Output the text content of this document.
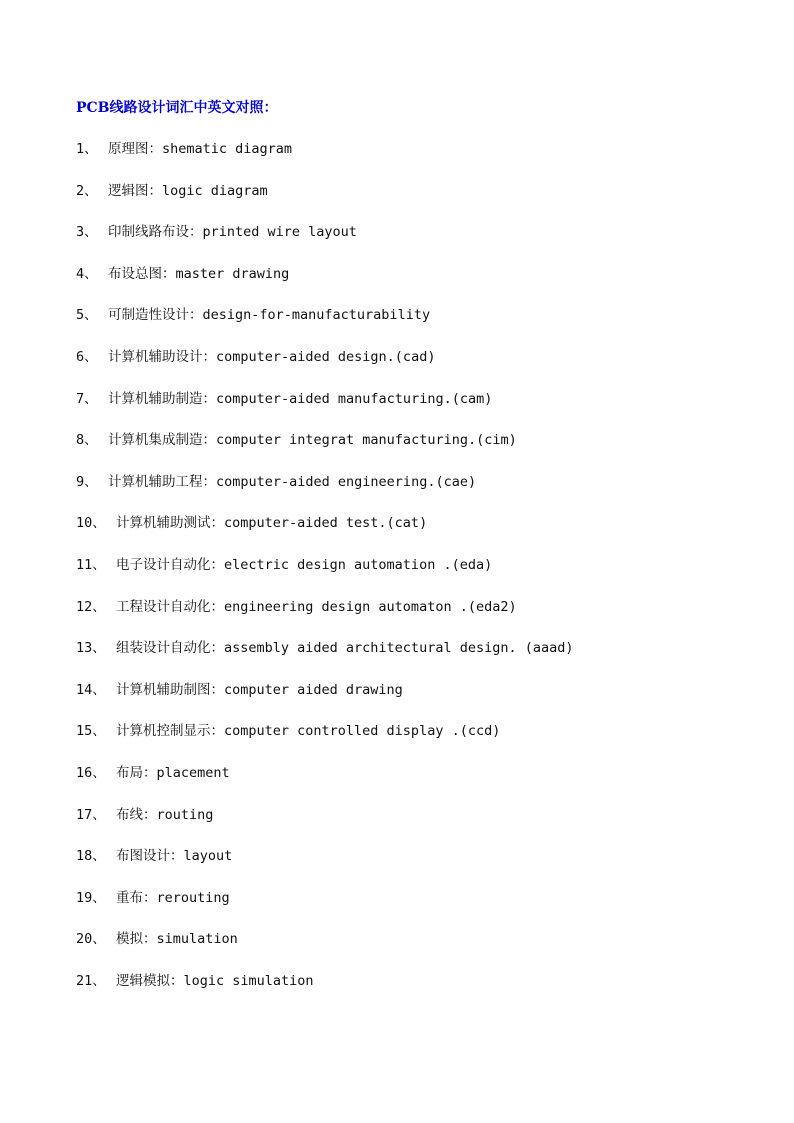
PCB线路设计词汇中英文对照：
1、 原理图：shematic diagram
2、 逻辑图：logic diagram
3、 印制线路布设：printed wire layout
4、 布设总图：master drawing
5、 可制造性设计：design-for-manufacturability
6、 计算机辅助设计：computer-aided design.(cad)
7、 计算机辅助制造：computer-aided manufacturing.(cam)
8、 计算机集成制造：computer integrat manufacturing.(cim)
9、 计算机辅助工程：computer-aided engineering.(cae)
10、 计算机辅助测试：computer-aided test.(cat)
11、 电子设计自动化：electric design automation .(eda)
12、 工程设计自动化：engineering design automaton .(eda2)
13、 组装设计自动化：assembly aided architectural design. (aaad)
14、 计算机辅助制图：computer aided drawing
15、 计算机控制显示：computer controlled display .(ccd)
16、 布局：placement
17、 布线：routing
18、 布图设计：layout
19、 重布：rerouting
20、 模拟：simulation
21、 逻辑模拟：logic simulation
